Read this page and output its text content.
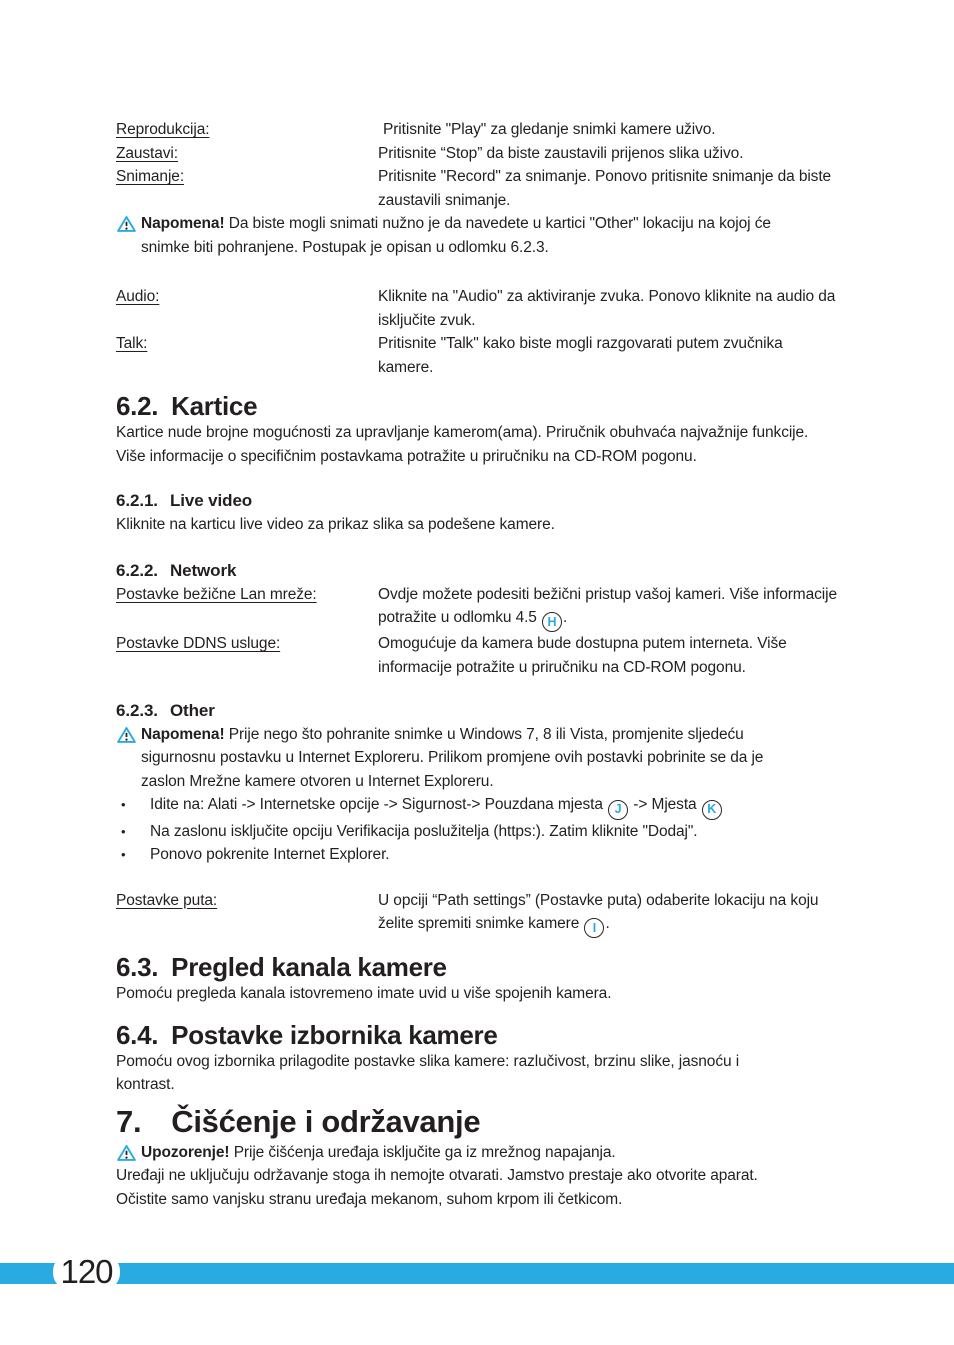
Reprodukcija:	Pritisnite "Play" za gledanje snimki kamere uživo.
Zaustavi:	Pritisnite “Stop” da biste zaustavili prijenos slika uživo.
Snimanje:	Pritisnite "Record" za snimanje. Ponovo pritisnite snimanje da biste zaustavili snimanje.
Napomena! Da biste mogli snimati nužno je da navedete u kartici "Other" lokaciju na kojoj će snimke biti pohranjene. Postupak je opisan u odlomku 6.2.3.
Audio:	Kliknite na "Audio" za aktiviranje zvuka. Ponovo kliknite na audio da isključite zvuk.
Talk:	Pritisnite "Talk" kako biste mogli razgovarati putem zvučnika kamere.
6.2. Kartice

Kartice nude brojne mogućnosti za upravljanje kamerom(ama). Priručnik obuhvaća najvažnije funkcije. Više informacije o specifičnim postavkama potražite u priručniku na CD-ROM pogonu.

6.2.1. Live video

Kliknite na karticu live video za prikaz slika sa podešene kamere.

6.2.2. Network
Postavke bežične Lan mreže:	Ovdje možete podesiti bežični pristup vašoj kameri. Više informacije potražite u odlomku 4.5 H .
Postavke DDNS usluge:	Omogućuje da kamera bude dostupna putem interneta. Više informacije potražite u priručniku na CD-ROM pogonu.
6.2.3. Other
Napomena! Prije nego što pohranite snimke u Windows 7, 8 ili Vista, promjenite sljedeću sigurnosnu postavku u Internet Exploreru. Prilikom promjene ovih postavki pobrinite se da je zaslon Mrežne kamere otvoren u Internet Exploreru.
•	Idite na: Alati -> Internetske opcije -> Sigurnost-> Pouzdana mjesta J -> Mjesta K
•	Na zaslonu isključite opciju Verifikacija poslužitelja (https:). Zatim kliknite "Dodaj".
•	Ponovo pokrenite Internet Explorer.
Postavke puta:	U opciji “Path settings” (Postavke puta) odaberite lokaciju na koju želite spremiti snimke kamere I .
6.3. Pregled kanala kamere

Pomoću pregleda kanala istovremeno imate uvid u više spojenih kamera.

6.4. Postavke izbornika kamere

Pomoću ovog izbornika prilagodite postavke slika kamere: razlučivost, brzinu slike, jasnoću i kontrast.

7. Čišćenje i održavanje
Upozorenje! Prije čišćenja uređaja isključite ga iz mrežnog napajanja.

Uređaji ne uključuju održavanje stoga ih nemojte otvarati. Jamstvo prestaje ako otvorite aparat. Očistite samo vanjsku stranu uređaja mekanom, suhom krpom ili četkicom.

120
